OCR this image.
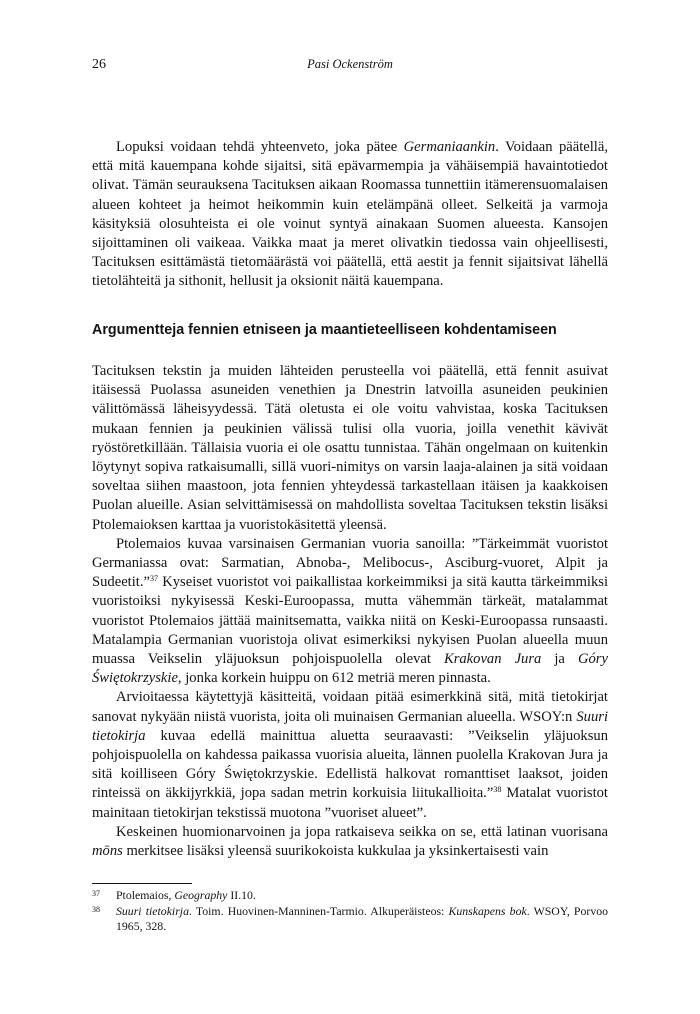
26	Pasi Ockenström

Lopuksi voidaan tehdä yhteenveto, joka pätee Germaniaankin. Voidaan päätellä, että mitä kauempana kohde sijaitsi, sitä epävarmempia ja vähäisempiä havaintotiedot olivat. Tämän seurauksena Tacituksen aikaan Roomassa tunnettiin itämerensuomalaisen alueen kohteet ja heimot heikommin kuin etelämpänä olleet. Selkeitä ja varmoja käsityksiä olosuhteista ei ole voinut syntyä ainakaan Suomen alueesta. Kansojen sijoittaminen oli vaikeaa. Vaikka maat ja meret olivatkin tiedossa vain ohjeellisesti, Tacituksen esittämästä tietomäärästä voi päätellä, että aestit ja fennit sijaitsivat lähellä tietolähteitä ja sithonit, hellusit ja oksionit näitä kauempana.

Argumentteja fennien etniseen ja maantieteelliseen kohdentamiseen

Tacituksen tekstin ja muiden lähteiden perusteella voi päätellä, että fennit asuivat itäisessä Puolassa asuneiden venethien ja Dnestrin latvoilla asuneiden peukinien välittömässä läheisyydessä. Tätä oletusta ei ole voitu vahvistaa, koska Tacituksen mukaan fennien ja peukinien välissä tulisi olla vuoria, joilla venethit kävivät ryöstöretkillään. Tällaisia vuoria ei ole osattu tunnistaa. Tähän ongelmaan on kuitenkin löytynyt sopiva ratkaisumalli, sillä vuori-nimitys on varsin laaja-alainen ja sitä voidaan soveltaa siihen maastoon, jota fennien yhteydessä tarkastellaan itäisen ja kaakkoisen Puolan alueille. Asian selvittämisessä on mahdollista soveltaa Tacituksen tekstin lisäksi Ptolemaioksen karttaa ja vuoristokäsitettä yleensä.

Ptolemaios kuvaa varsinaisen Germanian vuoria sanoilla: ”Tärkeimmät vuoristot Germaniassa ovat: Sarmatian, Abnoba-, Melibocus-, Asciburg-vuoret, Alpit ja Sudeetit.”$^{37}$ Kyseiset vuoristot voi paikallistaa korkeimmiksi ja sitä kautta tärkeimmiksi vuoristoiksi nykyisessä Keski-Euroopassa, mutta vähemmän tärkeät, matalammat vuoristot Ptolemaios jättää mainitsematta, vaikka niitä on Keski-Euroopassa runsaasti. Matalampia Germanian vuoristoja olivat esimerkiksi nykyisen Puolan alueella muun muassa Veikselin yläjuoksun pohjoispuolella olevat Krakovan Jura ja Góry Świętokrzyskie, jonka korkein huippu on 612 metriä meren pinnasta.

Arvioitaessa käytettyjä käsitteitä, voidaan pitää esimerkkinä sitä, mitä tietokirjat sanovat nykyään niistä vuorista, joita oli muinaisen Germanian alueella. WSOY:n Suuri tietokirja kuvaa edellä mainittua aluetta seuraavasti: ”Veikselin yläjuoksun pohjoispuolella on kahdessa paikassa vuorisia alueita, lännen puolella Krakovan Jura ja sitä koilliseen Góry Świętokrzyskie. Edellistä halkovat romanttiset laaksot, joiden rinteissä on äkkijyrkkiä, jopa sadan metrin korkuisia liitukallioita.”$^{38}$ Matalat vuoristot mainitaan tietokirjan tekstissä muotona ”vuoriset alueet”.

Keskeinen huomionarvoinen ja jopa ratkaiseva seikka on se, että latinan vuorisana mōns merkitsee lisäksi yleensä suurikokoista kukkulaa ja yksinkertaisesti vain

37 Ptolemaios, Geography II.10.
38 Suuri tietokirja. Toim. Huovinen-Manninen-Tarmio. Alkuperäisteos: Kunskapens bok. WSOY, Porvoo 1965, 328.
